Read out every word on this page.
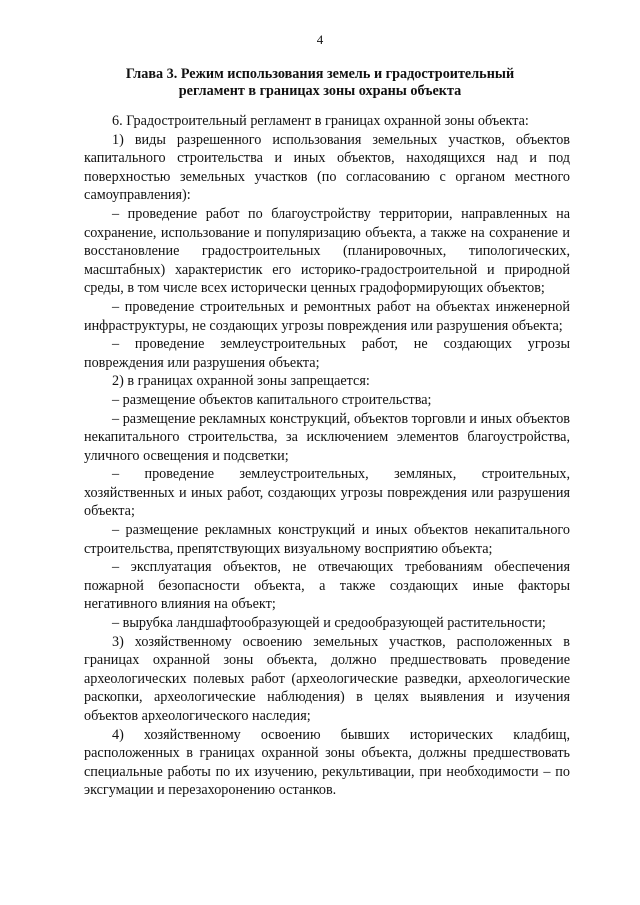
4
Глава 3. Режим использования земель и градостроительный регламент в границах зоны охраны объекта

6. Градостроительный регламент в границах охранной зоны объекта:

1) виды разрешенного использования земельных участков, объектов капитального строительства и иных объектов, находящихся над и под поверхностью земельных участков (по согласованию с органом местного самоуправления):

– проведение работ по благоустройству территории, направленных на сохранение, использование и популяризацию объекта, а также на сохранение и восстановление градостроительных (планировочных, типологических, масштабных) характеристик его историко-градостроительной и природной среды, в том числе всех исторически ценных градоформирующих объектов;

– проведение строительных и ремонтных работ на объектах инженерной инфраструктуры, не создающих угрозы повреждения или разрушения объекта;

– проведение землеустроительных работ, не создающих угрозы повреждения или разрушения объекта;

2) в границах охранной зоны запрещается:

– размещение объектов капитального строительства;

– размещение рекламных конструкций, объектов торговли и иных объектов некапитального строительства, за исключением элементов благоустройства, уличного освещения и подсветки;

– проведение землеустроительных, земляных, строительных, хозяйственных и иных работ, создающих угрозы повреждения или разрушения объекта;

– размещение рекламных конструкций и иных объектов некапитального строительства, препятствующих визуальному восприятию объекта;

– эксплуатация объектов, не отвечающих требованиям обеспечения пожарной безопасности объекта, а также создающих иные факторы негативного влияния на объект;

– вырубка ландшафтообразующей и средообразующей растительности;

3) хозяйственному освоению земельных участков, расположенных в границах охранной зоны объекта, должно предшествовать проведение археологических полевых работ (археологические разведки, археологические раскопки, археологические наблюдения) в целях выявления и изучения объектов археологического наследия;

4) хозяйственному освоению бывших исторических кладбищ, расположенных в границах охранной зоны объекта, должны предшествовать специальные работы по их изучению, рекультивации, при необходимости – по эксгумации и перезахоронению останков.
